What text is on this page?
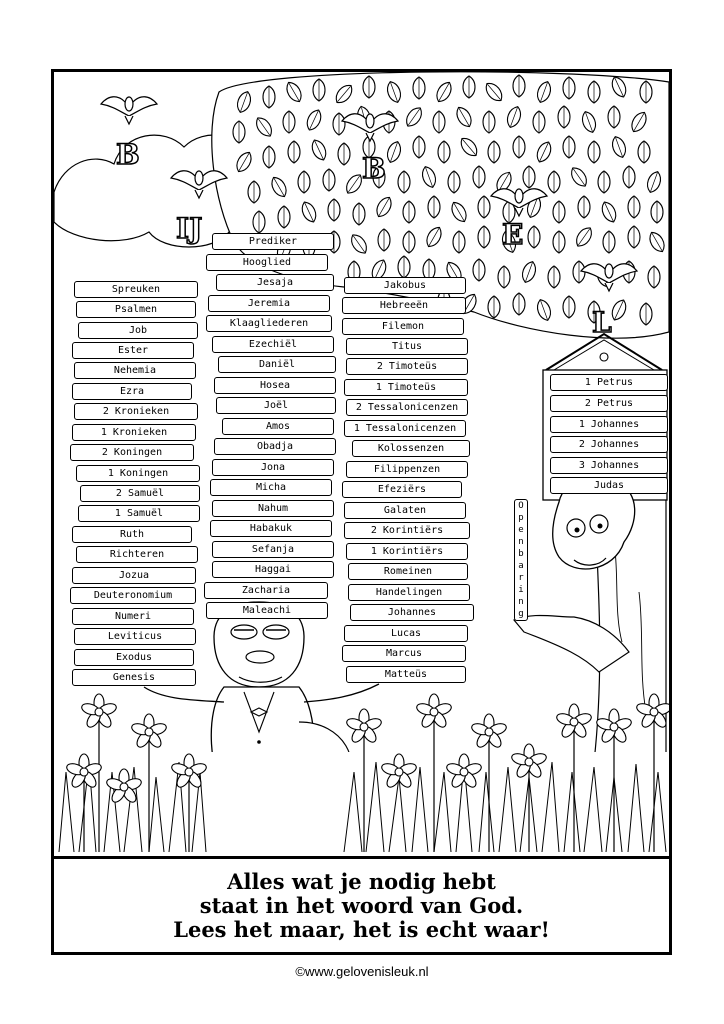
B
IJ
B
E
L
Spreuken
Psalmen
Job
Ester
Nehemia
Ezra
2 Kronieken
1 Kronieken
2 Koningen
1 Koningen
2 Samuël
1 Samuël
Ruth
Richteren
Jozua
Deuteronomium
Numeri
Leviticus
Exodus
Genesis
Prediker
Hooglied
Jesaja
Jeremia
Klaagliederen
Ezechiël
Daniël
Hosea
Joël
Amos
Obadja
Jona
Micha
Nahum
Habakuk
Sefanja
Haggai
Zacharia
Maleachi
Jakobus
Hebreeën
Filemon
Titus
2 Timoteüs
1 Timoteüs
2 Tessalonicenzen
1 Tessalonicenzen
Kolossenzen
Filippenzen
Efeziërs
Galaten
2 Korintiërs
1 Korintiërs
Romeinen
Handelingen
Johannes
Lucas
Marcus
Matteüs
1 Petrus
2 Petrus
1 Johannes
2 Johannes
3 Johannes
Judas
O
p
e
n
b
a
r
i
n
g
Alles wat je nodig hebt
staat in het woord van God.
Lees het maar, het is echt waar!
©www.gelovenisleuk.nl
